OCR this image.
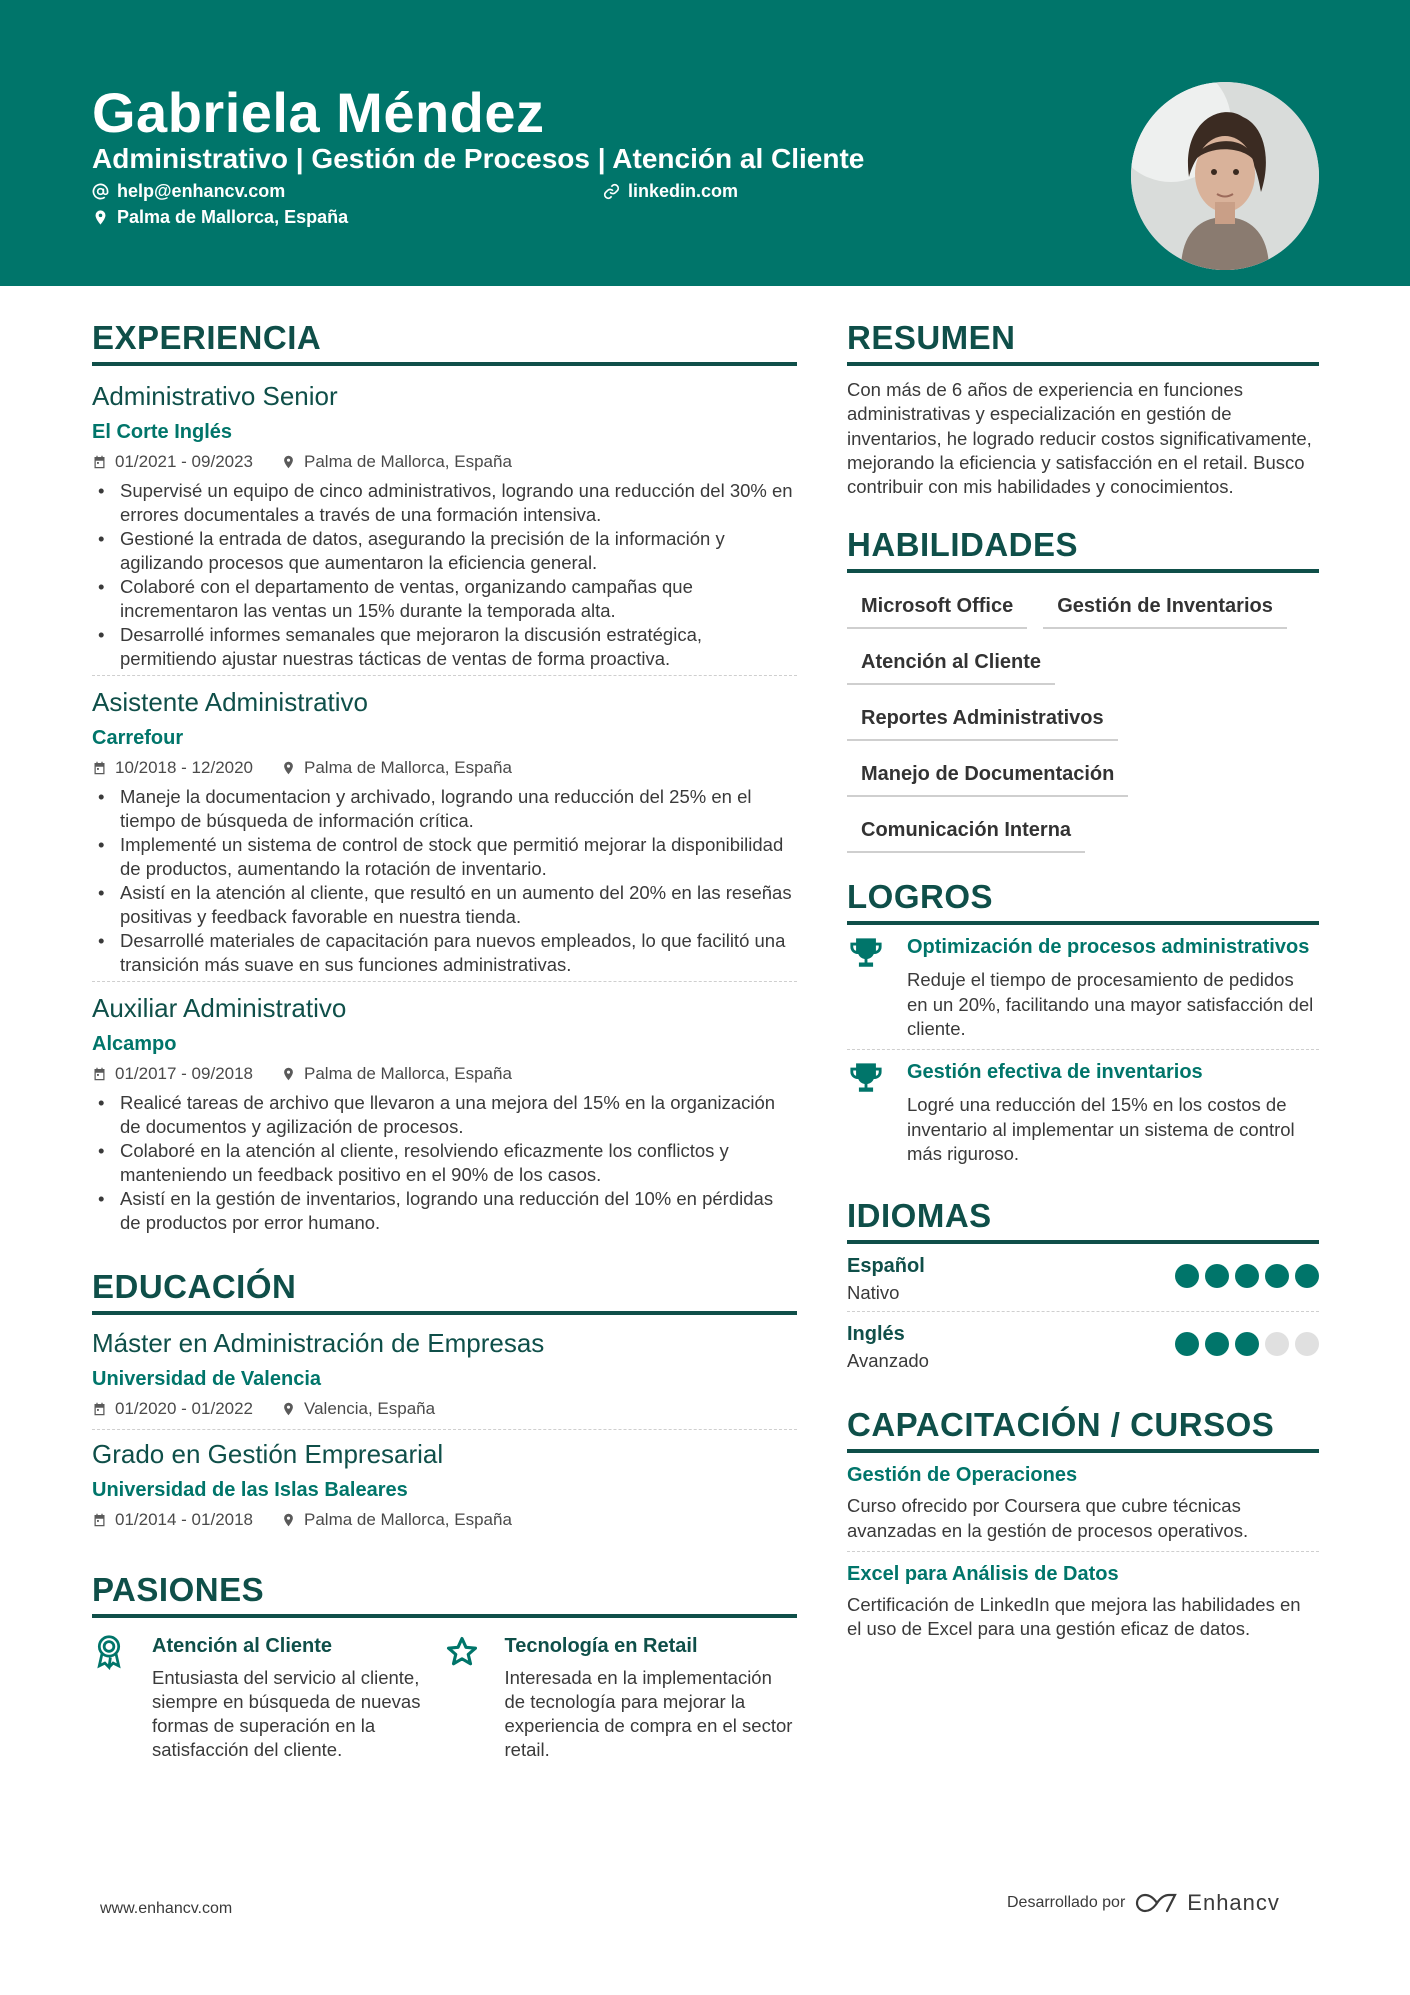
Gabriela Méndez
Administrativo | Gestión de Procesos | Atención al Cliente
help@enhancv.com	linkedin.com
Palma de Mallorca, España
EXPERIENCIA
Administrativo Senior
El Corte Inglés
01/2021 - 09/2023	Palma de Mallorca, España
• Supervisé un equipo de cinco administrativos, logrando una reducción del 30% en errores documentales a través de una formación intensiva.
• Gestioné la entrada de datos, asegurando la precisión de la información y agilizando procesos que aumentaron la eficiencia general.
• Colaboré con el departamento de ventas, organizando campañas que incrementaron las ventas un 15% durante la temporada alta.
• Desarrollé informes semanales que mejoraron la discusión estratégica, permitiendo ajustar nuestras tácticas de ventas de forma proactiva.
Asistente Administrativo
Carrefour
10/2018 - 12/2020	Palma de Mallorca, España
• Maneje la documentacion y archivado, logrando una reducción del 25% en el tiempo de búsqueda de información crítica.
• Implementé un sistema de control de stock que permitió mejorar la disponibilidad de productos, aumentando la rotación de inventario.
• Asistí en la atención al cliente, que resultó en un aumento del 20% en las reseñas positivas y feedback favorable en nuestra tienda.
• Desarrollé materiales de capacitación para nuevos empleados, lo que facilitó una transición más suave en sus funciones administrativas.
Auxiliar Administrativo
Alcampo
01/2017 - 09/2018	Palma de Mallorca, España
• Realicé tareas de archivo que llevaron a una mejora del 15% en la organización de documentos y agilización de procesos.
• Colaboré en la atención al cliente, resolviendo eficazmente los conflictos y manteniendo un feedback positivo en el 90% de los casos.
• Asistí en la gestión de inventarios, logrando una reducción del 10% en pérdidas de productos por error humano.
EDUCACIÓN
Máster en Administración de Empresas
Universidad de Valencia
01/2020 - 01/2022	Valencia, España
Grado en Gestión Empresarial
Universidad de las Islas Baleares
01/2014 - 01/2018	Palma de Mallorca, España
PASIONES
Atención al Cliente
Entusiasta del servicio al cliente, siempre en búsqueda de nuevas formas de superación en la satisfacción del cliente.
Tecnología en Retail
Interesada en la implementación de tecnología para mejorar la experiencia de compra en el sector retail.
RESUMEN
Con más de 6 años de experiencia en funciones administrativas y especialización en gestión de inventarios, he logrado reducir costos significativamente, mejorando la eficiencia y satisfacción en el retail. Busco contribuir con mis habilidades y conocimientos.
HABILIDADES
Microsoft Office	Gestión de Inventarios
Atención al Cliente
Reportes Administrativos
Manejo de Documentación
Comunicación Interna
LOGROS
Optimización de procesos administrativos
Reduje el tiempo de procesamiento de pedidos en un 20%, facilitando una mayor satisfacción del cliente.
Gestión efectiva de inventarios
Logré una reducción del 15% en los costos de inventario al implementar un sistema de control más riguroso.
IDIOMAS
Español
Nativo
Inglés
Avanzado
CAPACITACIÓN / CURSOS
Gestión de Operaciones
Curso ofrecido por Coursera que cubre técnicas avanzadas en la gestión de procesos operativos.
Excel para Análisis de Datos
Certificación de LinkedIn que mejora las habilidades en el uso de Excel para una gestión eficaz de datos.
www.enhancv.com	Desarrollado por	Enhancv
